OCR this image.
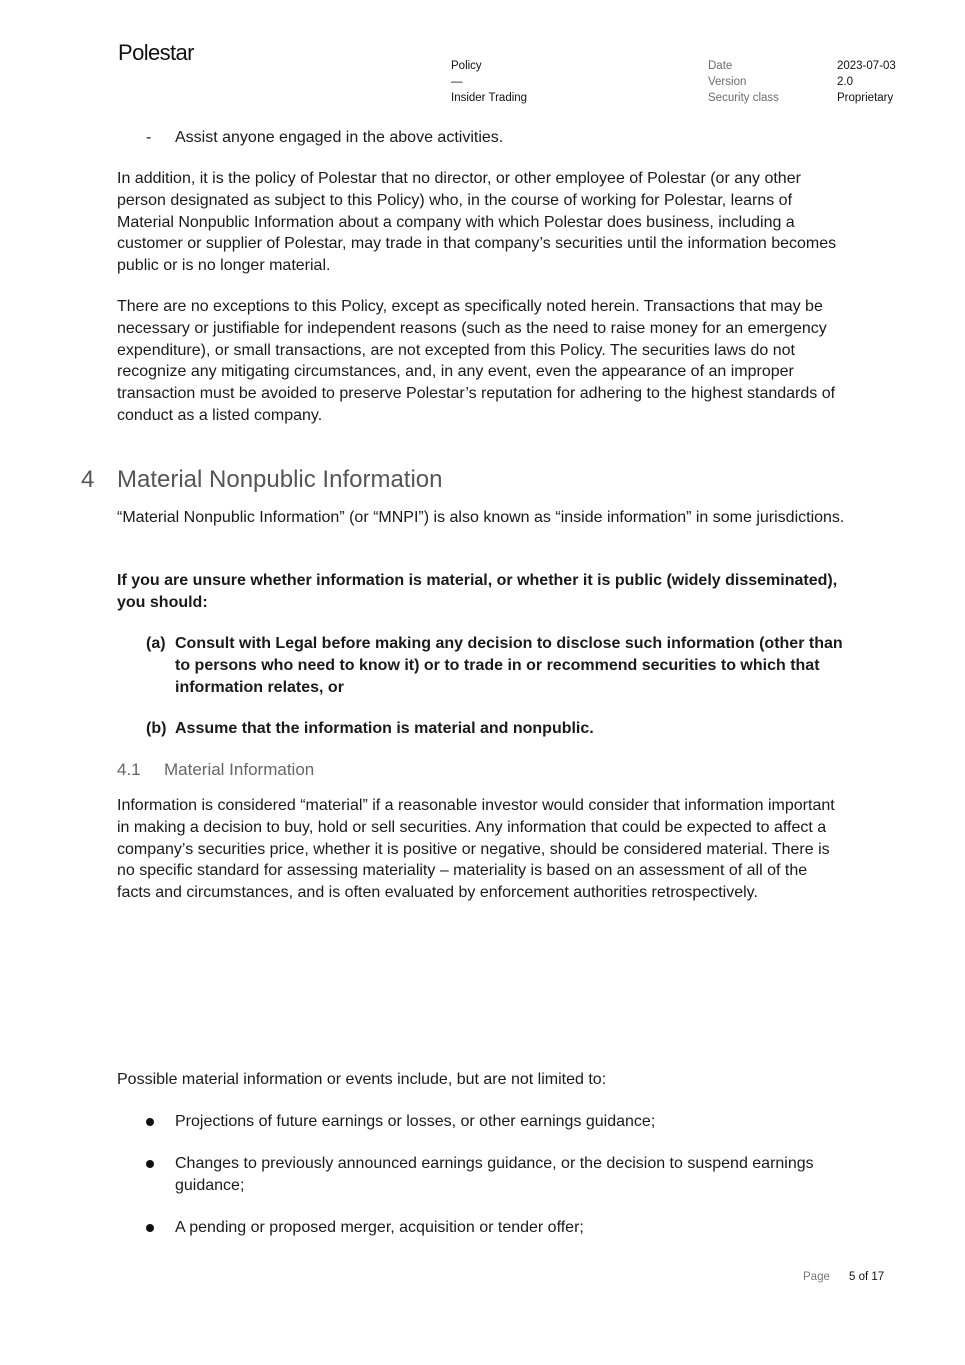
Polestar
Policy
—
Insider Trading
Date
Version
Security class
2023-07-03
2.0
Proprietary
- Assist anyone engaged in the above activities.
In addition, it is the policy of Polestar that no director, or other employee of Polestar (or any other person designated as subject to this Policy) who, in the course of working for Polestar, learns of Material Nonpublic Information about a company with which Polestar does business, including a customer or supplier of Polestar, may trade in that company’s securities until the information becomes public or is no longer material.
There are no exceptions to this Policy, except as specifically noted herein. Transactions that may be necessary or justifiable for independent reasons (such as the need to raise money for an emergency expenditure), or small transactions, are not excepted from this Policy. The securities laws do not recognize any mitigating circumstances, and, in any event, even the appearance of an improper transaction must be avoided to preserve Polestar’s reputation for adhering to the highest standards of conduct as a listed company.
4 Material Nonpublic Information
“Material Nonpublic Information” (or “MNPI”) is also known as “inside information” in some jurisdictions.
If you are unsure whether information is material, or whether it is public (widely disseminated), you should:
(a) Consult with Legal before making any decision to disclose such information (other than to persons who need to know it) or to trade in or recommend securities to which that information relates, or
(b) Assume that the information is material and nonpublic.
4.1 Material Information
Information is considered “material” if a reasonable investor would consider that information important in making a decision to buy, hold or sell securities. Any information that could be expected to affect a company’s securities price, whether it is positive or negative, should be considered material. There is no specific standard for assessing materiality – materiality is based on an assessment of all of the facts and circumstances, and is often evaluated by enforcement authorities retrospectively.
Possible material information or events include, but are not limited to:
Projections of future earnings or losses, or other earnings guidance;
Changes to previously announced earnings guidance, or the decision to suspend earnings guidance;
A pending or proposed merger, acquisition or tender offer;
Page 5 of 17
